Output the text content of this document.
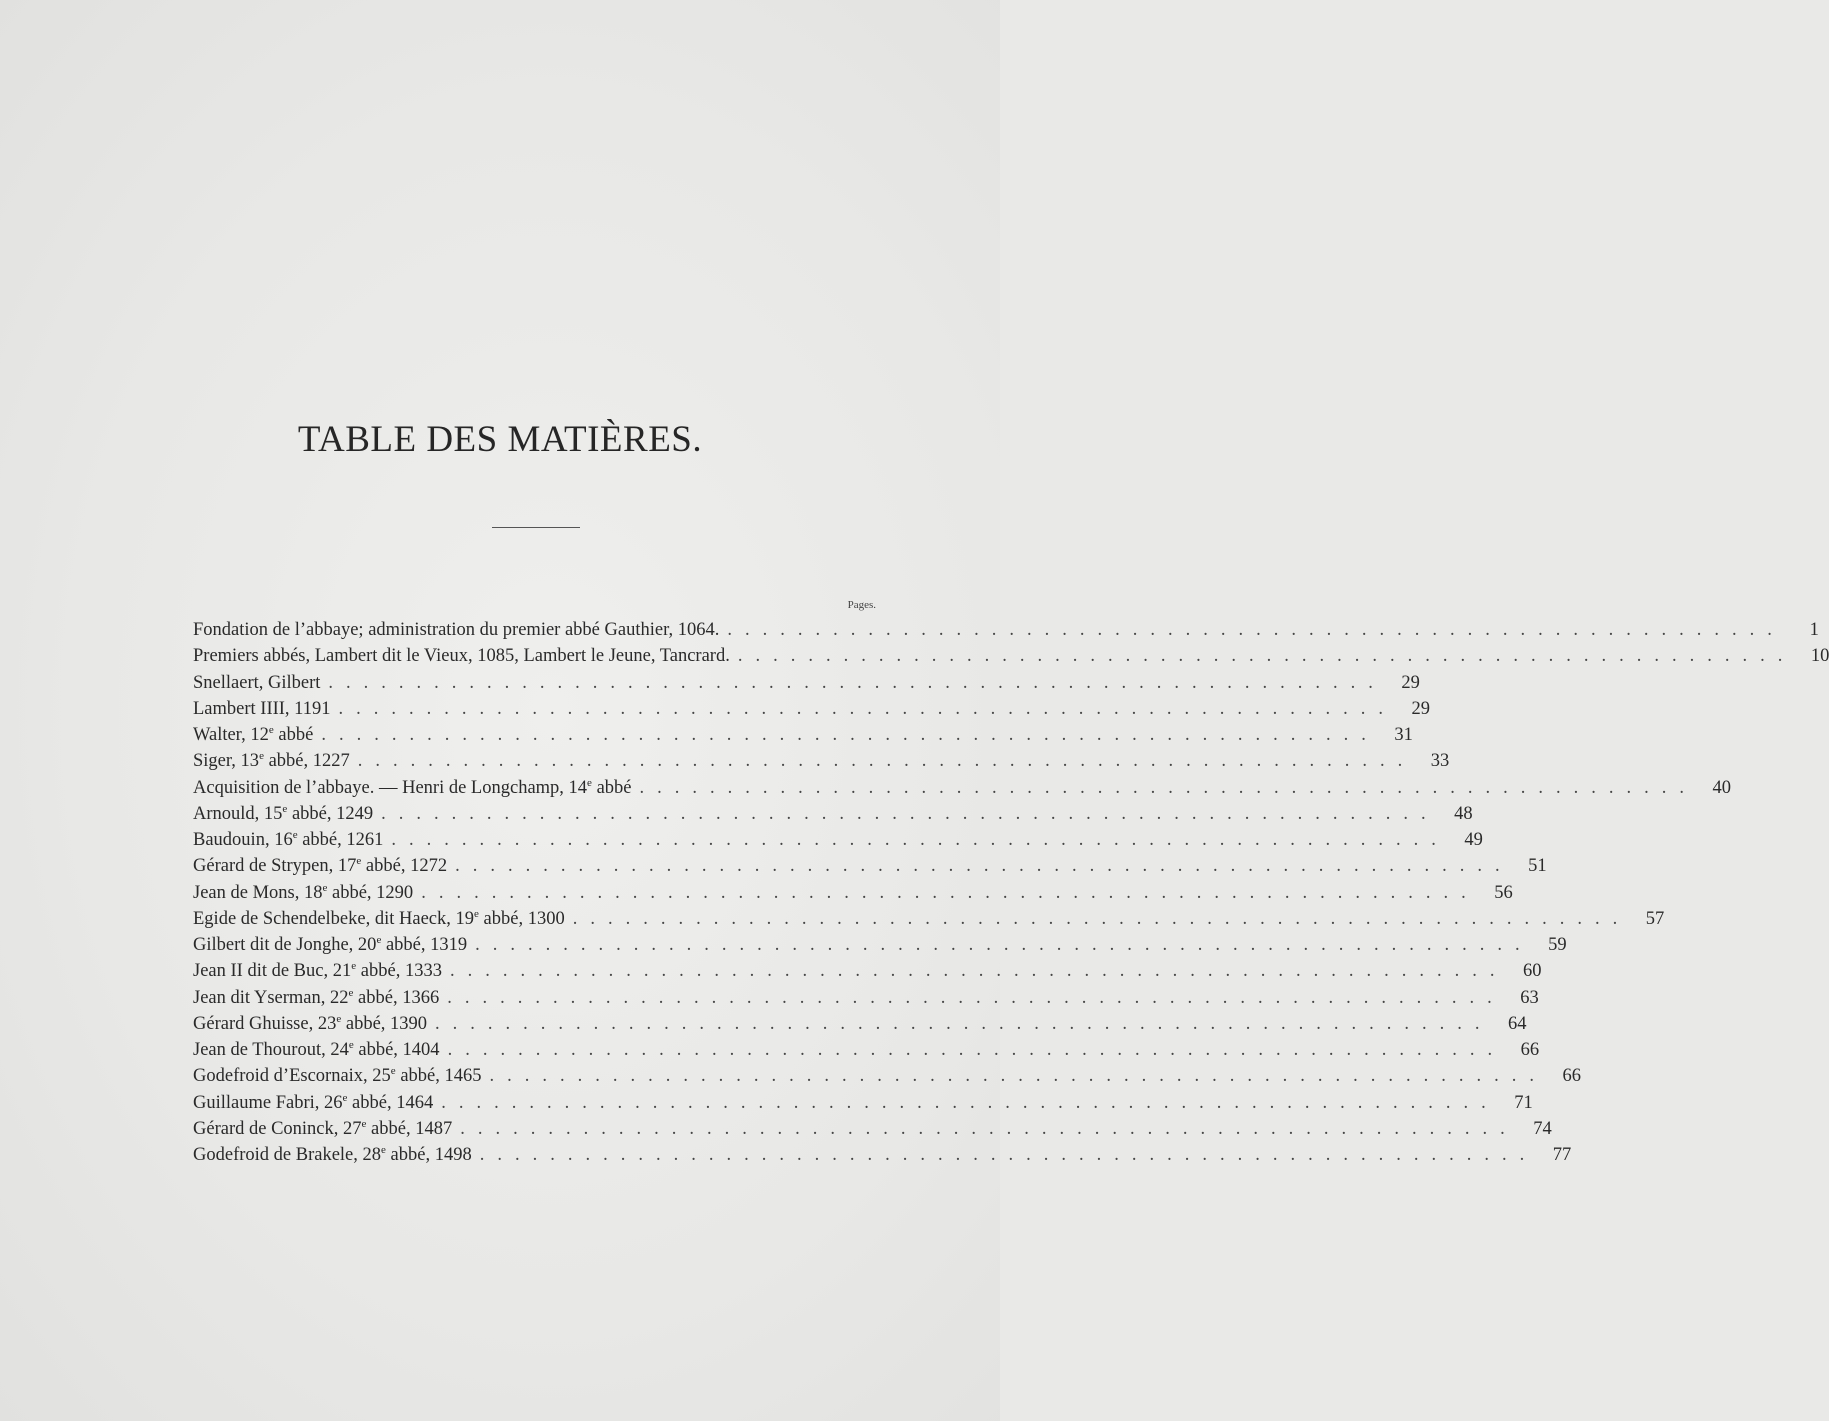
TABLE DES MATIÈRES.
Pages.
Fondation de l’abbaye; administration du premier abbé Gauthier, 1064. ............................................................	1
Premiers abbés, Lambert dit le Vieux, 1085, Lambert le Jeune, Tancrard. ............................................................ 10
Snellaert, Gilbert ............................................................ 29
Lambert IIII, 1191 ............................................................ 29
Walter, 12e abbé ............................................................ 31
Siger, 13e abbé, 1227 ............................................................ 33
Acquisition de l’abbaye. — Henri de Longchamp, 14e abbé ............................................................ 40
Arnould, 15e abbé, 1249 ............................................................ 48
Baudouin, 16e abbé, 1261 ............................................................ 49
Gérard de Strypen, 17e abbé, 1272 ............................................................ 51
Jean de Mons, 18e abbé, 1290 ............................................................ 56
Egide de Schendelbeke, dit Haeck, 19e abbé, 1300 ............................................................ 57
Gilbert dit de Jonghe, 20e abbé, 1319 ............................................................ 59
Jean II dit de Buc, 21e abbé, 1333 ............................................................ 60
Jean dit Yserman, 22e abbé, 1366 ............................................................ 63
Gérard Ghuisse, 23e abbé, 1390 ............................................................ 64
Jean de Thourout, 24e abbé, 1404 ............................................................ 66
Godefroid d’Escornaix, 25e abbé, 1465 ............................................................ 66
Guillaume Fabri, 26e abbé, 1464 ............................................................ 71
Gérard de Coninck, 27e abbé, 1487 ............................................................ 74
Godefroid de Brakele, 28e abbé, 1498 ............................................................ 77
